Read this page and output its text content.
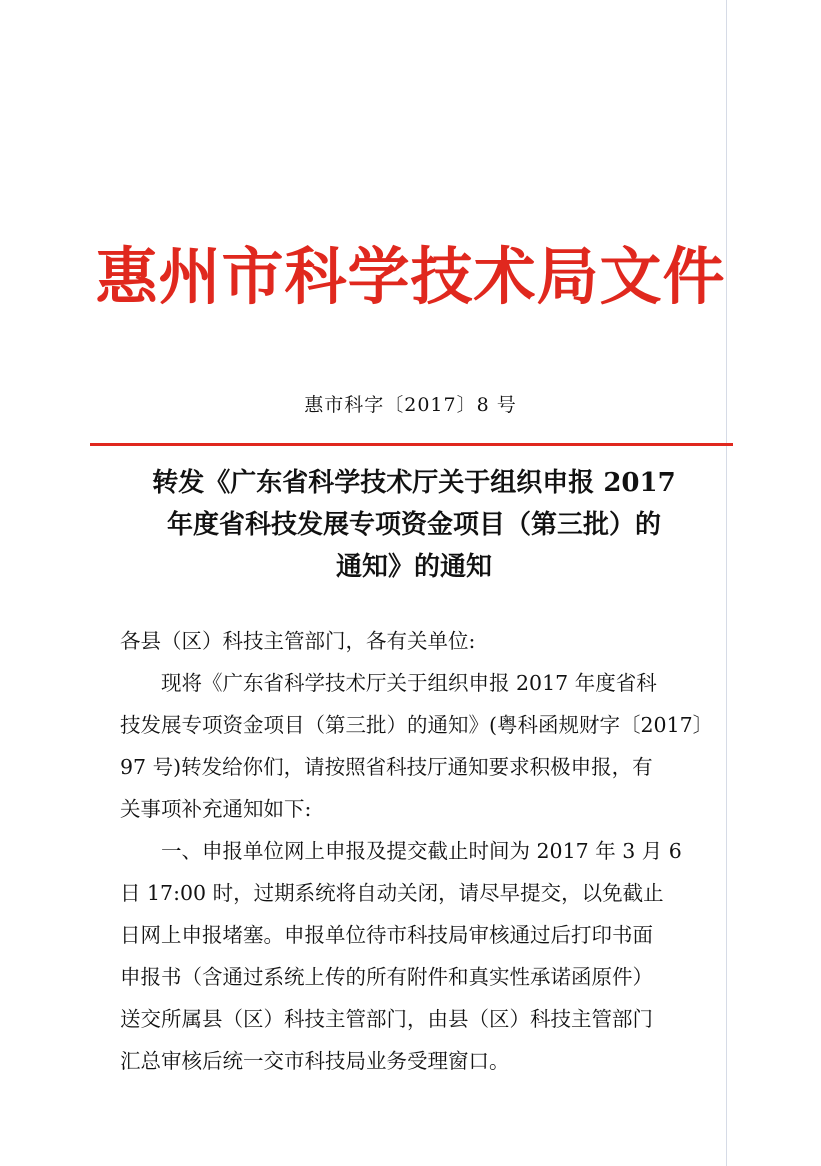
惠州市科学技术局文件
惠市科字〔2017〕8 号
转发《广东省科学技术厅关于组织申报 2017
年度省科技发展专项资金项目（第三批）的
通知》的通知
各县（区）科技主管部门，各有关单位:
　　现将《广东省科学技术厅关于组织申报 2017 年度省科
技发展专项资金项目（第三批）的通知》(粤科函规财字〔2017〕
97 号)转发给你们，请按照省科技厅通知要求积极申报，有
关事项补充通知如下:
　　一、申报单位网上申报及提交截止时间为 2017 年 3 月 6
日 17:00 时，过期系统将自动关闭，请尽早提交，以免截止
日网上申报堵塞。申报单位待市科技局审核通过后打印书面
申报书（含通过系统上传的所有附件和真实性承诺函原件）
送交所属县（区）科技主管部门，由县（区）科技主管部门
汇总审核后统一交市科技局业务受理窗口。
